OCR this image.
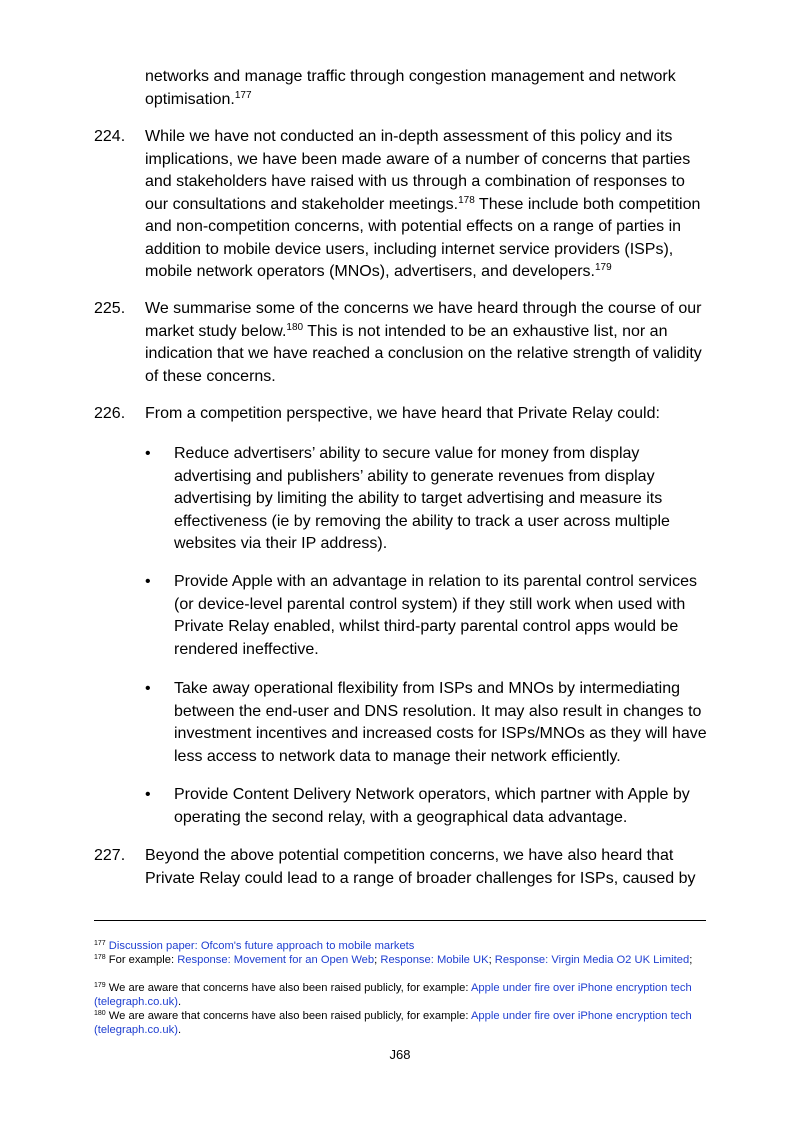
networks and manage traffic through congestion management and network optimisation.$^{177}$
224. While we have not conducted an in-depth assessment of this policy and its implications, we have been made aware of a number of concerns that parties and stakeholders have raised with us through a combination of responses to our consultations and stakeholder meetings.$^{178}$ These include both competition and non-competition concerns, with potential effects on a range of parties in addition to mobile device users, including internet service providers (ISPs), mobile network operators (MNOs), advertisers, and developers.$^{179}$
225. We summarise some of the concerns we have heard through the course of our market study below.$^{180}$ This is not intended to be an exhaustive list, nor an indication that we have reached a conclusion on the relative strength of validity of these concerns.
226. From a competition perspective, we have heard that Private Relay could:
• Reduce advertisers’ ability to secure value for money from display advertising and publishers’ ability to generate revenues from display advertising by limiting the ability to target advertising and measure its effectiveness (ie by removing the ability to track a user across multiple websites via their IP address).
• Provide Apple with an advantage in relation to its parental control services (or device-level parental control system) if they still work when used with Private Relay enabled, whilst third-party parental control apps would be rendered ineffective.
• Take away operational flexibility from ISPs and MNOs by intermediating between the end-user and DNS resolution. It may also result in changes to investment incentives and increased costs for ISPs/MNOs as they will have less access to network data to manage their network efficiently.
• Provide Content Delivery Network operators, which partner with Apple by operating the second relay, with a geographical data advantage.
227. Beyond the above potential competition concerns, we have also heard that Private Relay could lead to a range of broader challenges for ISPs, caused by
$^{177}$ Discussion paper: Ofcom's future approach to mobile markets
$^{178}$ For example: Response: Movement for an Open Web; Response: Mobile UK; Response: Virgin Media O2 UK Limited;
$^{179}$ We are aware that concerns have also been raised publicly, for example: Apple under fire over iPhone encryption tech (telegraph.co.uk).
$^{180}$ We are aware that concerns have also been raised publicly, for example: Apple under fire over iPhone encryption tech (telegraph.co.uk).
J68
